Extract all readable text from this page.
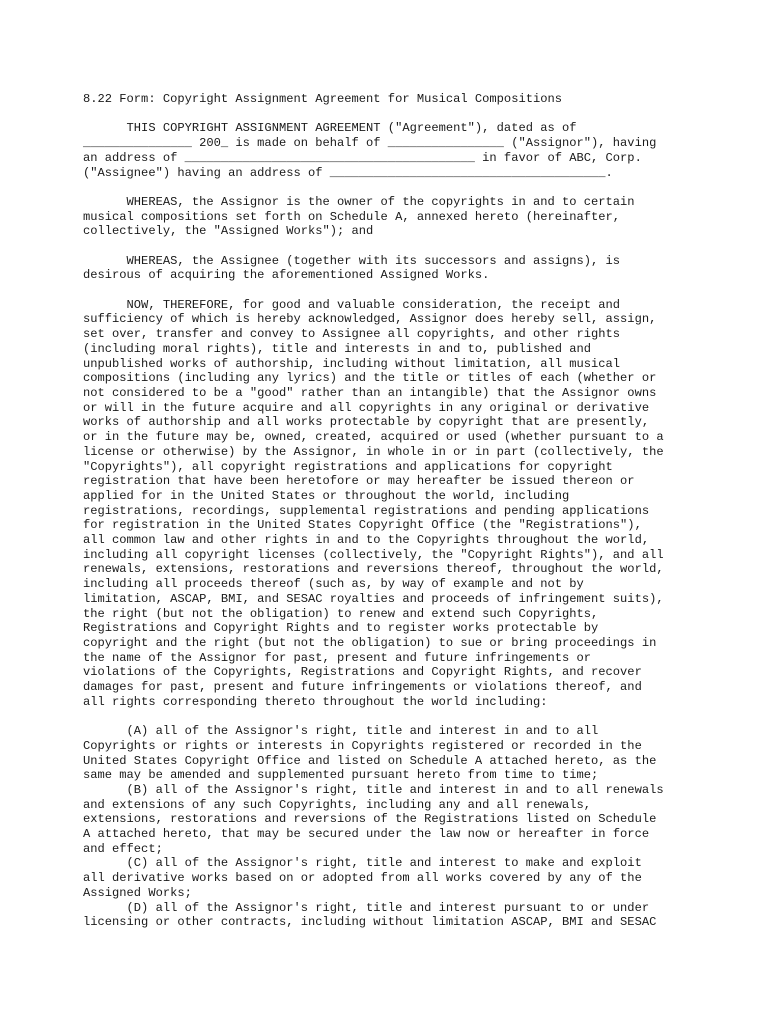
8.22 Form: Copyright Assignment Agreement for Musical Compositions

THIS COPYRIGHT ASSIGNMENT AGREEMENT ("Agreement"), dated as of
_______________ 200_ is made on behalf of ________________ ("Assignor"), having
an address of ________________________________________ in favor of ABC, Corp.
("Assignee") having an address of ______________________________________.

WHEREAS, the Assignor is the owner of the copyrights in and to certain
musical compositions set forth on Schedule A, annexed hereto (hereinafter,
collectively, the "Assigned Works"); and

WHEREAS, the Assignee (together with its successors and assigns), is
desirous of acquiring the aforementioned Assigned Works.

NOW, THEREFORE, for good and valuable consideration, the receipt and
sufficiency of which is hereby acknowledged, Assignor does hereby sell, assign,
set over, transfer and convey to Assignee all copyrights, and other rights
(including moral rights), title and interests in and to, published and
unpublished works of authorship, including without limitation, all musical
compositions (including any lyrics) and the title or titles of each (whether or
not considered to be a "good" rather than an intangible) that the Assignor owns
or will in the future acquire and all copyrights in any original or derivative
works of authorship and all works protectable by copyright that are presently,
or in the future may be, owned, created, acquired or used (whether pursuant to a
license or otherwise) by the Assignor, in whole in or in part (collectively, the
"Copyrights"), all copyright registrations and applications for copyright
registration that have been heretofore or may hereafter be issued thereon or
applied for in the United States or throughout the world, including
registrations, recordings, supplemental registrations and pending applications
for registration in the United States Copyright Office (the "Registrations"),
all common law and other rights in and to the Copyrights throughout the world,
including all copyright licenses (collectively, the "Copyright Rights"), and all
renewals, extensions, restorations and reversions thereof, throughout the world,
including all proceeds thereof (such as, by way of example and not by
limitation, ASCAP, BMI, and SESAC royalties and proceeds of infringement suits),
the right (but not the obligation) to renew and extend such Copyrights,
Registrations and Copyright Rights and to register works protectable by
copyright and the right (but not the obligation) to sue or bring proceedings in
the name of the Assignor for past, present and future infringements or
violations of the Copyrights, Registrations and Copyright Rights, and recover
damages for past, present and future infringements or violations thereof, and
all rights corresponding thereto throughout the world including:

(A) all of the Assignor's right, title and interest in and to all
Copyrights or rights or interests in Copyrights registered or recorded in the
United States Copyright Office and listed on Schedule A attached hereto, as the
same may be amended and supplemented pursuant hereto from time to time;

(B) all of the Assignor's right, title and interest in and to all renewals
and extensions of any such Copyrights, including any and all renewals,
extensions, restorations and reversions of the Registrations listed on Schedule
A attached hereto, that may be secured under the law now or hereafter in force
and effect;

(C) all of the Assignor's right, title and interest to make and exploit
all derivative works based on or adopted from all works covered by any of the
Assigned Works;

(D) all of the Assignor's right, title and interest pursuant to or under
licensing or other contracts, including without limitation ASCAP, BMI and SESAC
